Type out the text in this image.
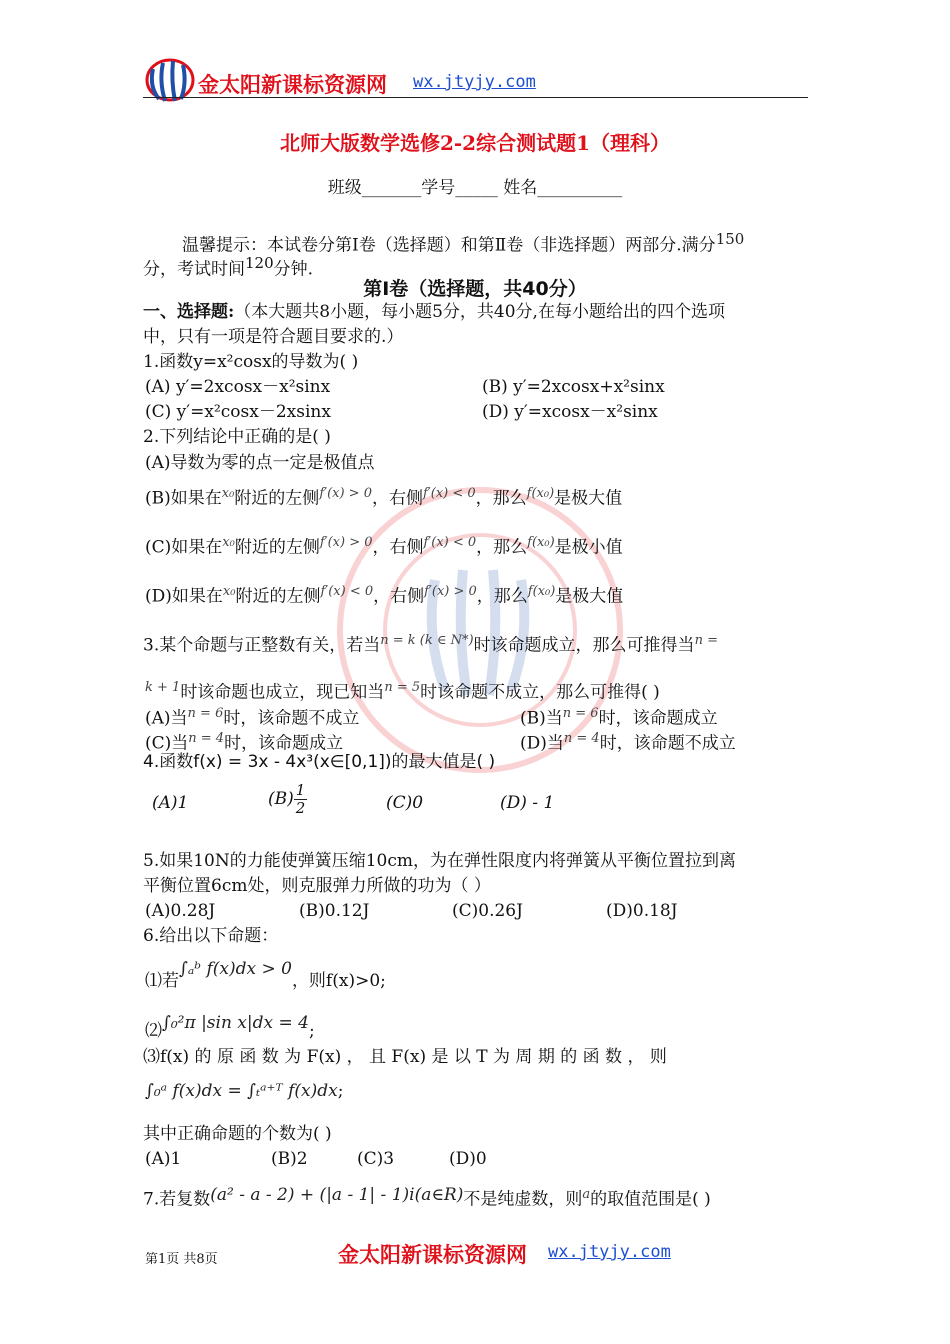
金太阳新课标资源网 wx.jtyjy.com
北师大版数学选修2-2综合测试题1（理科）
班级_______学号_____ 姓名__________
温馨提示：本试卷分第Ⅰ卷（选择题）和第Ⅱ卷（非选择题）两部分.满分150
分，考试时间120分钟.
第Ⅰ卷（选择题，共40分）
一、选择题:（本大题共8小题，每小题5分，共40分,在每小题给出的四个选项
中，只有一项是符合题目要求的.）
1.函数y=x²cosx的导数为( )
(A) y′=2xcosx－x²sinx	(B) y′=2xcosx+x²sinx
(C) y′=x²cosx－2xsinx	(D) y′=xcosx－x²sinx
2.下列结论中正确的是( )
(A)导数为零的点一定是极值点
(B)如果在$^{x_0}$附近的左侧$^{f'(x) > 0}$，右侧$^{f'(x) < 0}$，那么$^{f(x_0)}$是极大值
(C)如果在$^{x_0}$附近的左侧$^{f'(x) > 0}$，右侧$^{f'(x) < 0}$，那么$^{f(x_0)}$是极小值
(D)如果在$^{x_0}$附近的左侧$^{f'(x) < 0}$，右侧$^{f'(x) > 0}$，那么$^{f(x_0)}$是极大值
3.某个命题与正整数有关，若当$^{n = k (k \in N*)}$时该命题成立，那么可推得当$^{n =}$
$^{k + 1}$时该命题也成立，现已知当$^{n = 5}$时该命题不成立，那么可推得( )
(A)当$^{n = 6}$时，该命题不成立	(B)当$^{n = 6}$时，该命题成立
(C)当$^{n = 4}$时，该命题成立	(D)当$^{n = 4}$时，该命题不成立
4.函数f(x) = 3x - 4x³(x∈[0,1])的最大值是( )
(A)1	$(B) \frac{1}{2}$	(C)0	(D) - 1
5.如果10N的力能使弹簧压缩10cm，为在弹性限度内将弹簧从平衡位置拉到离
平衡位置6cm处，则克服弹力所做的功为（ ）
(A)0.28J	(B)0.12J	(C)0.26J	(D)0.18J
6.给出以下命题：
⑴若∫ₐᵇ f(x)dx > 0，则f(x)>0;
⑵∫₀²π |sin x|dx = 4;
⑶f(x) 的 原 函 数 为 F(x) ， 且 F(x) 是 以 T 为 周 期 的 函 数 ， 则
∫₀ᵃ f(x)dx = ∫ₜᵃ⁺ᵀ f(x)dx;
其中正确命题的个数为( )
(A)1	(B)2	(C)3	(D)0
7.若复数(a² - a - 2) + (|a - 1| - 1)i(a∈R)不是纯虚数，则$^a$的取值范围是( )
第1页 共8页	金太阳新课标资源网 wx.jtyjy.com
